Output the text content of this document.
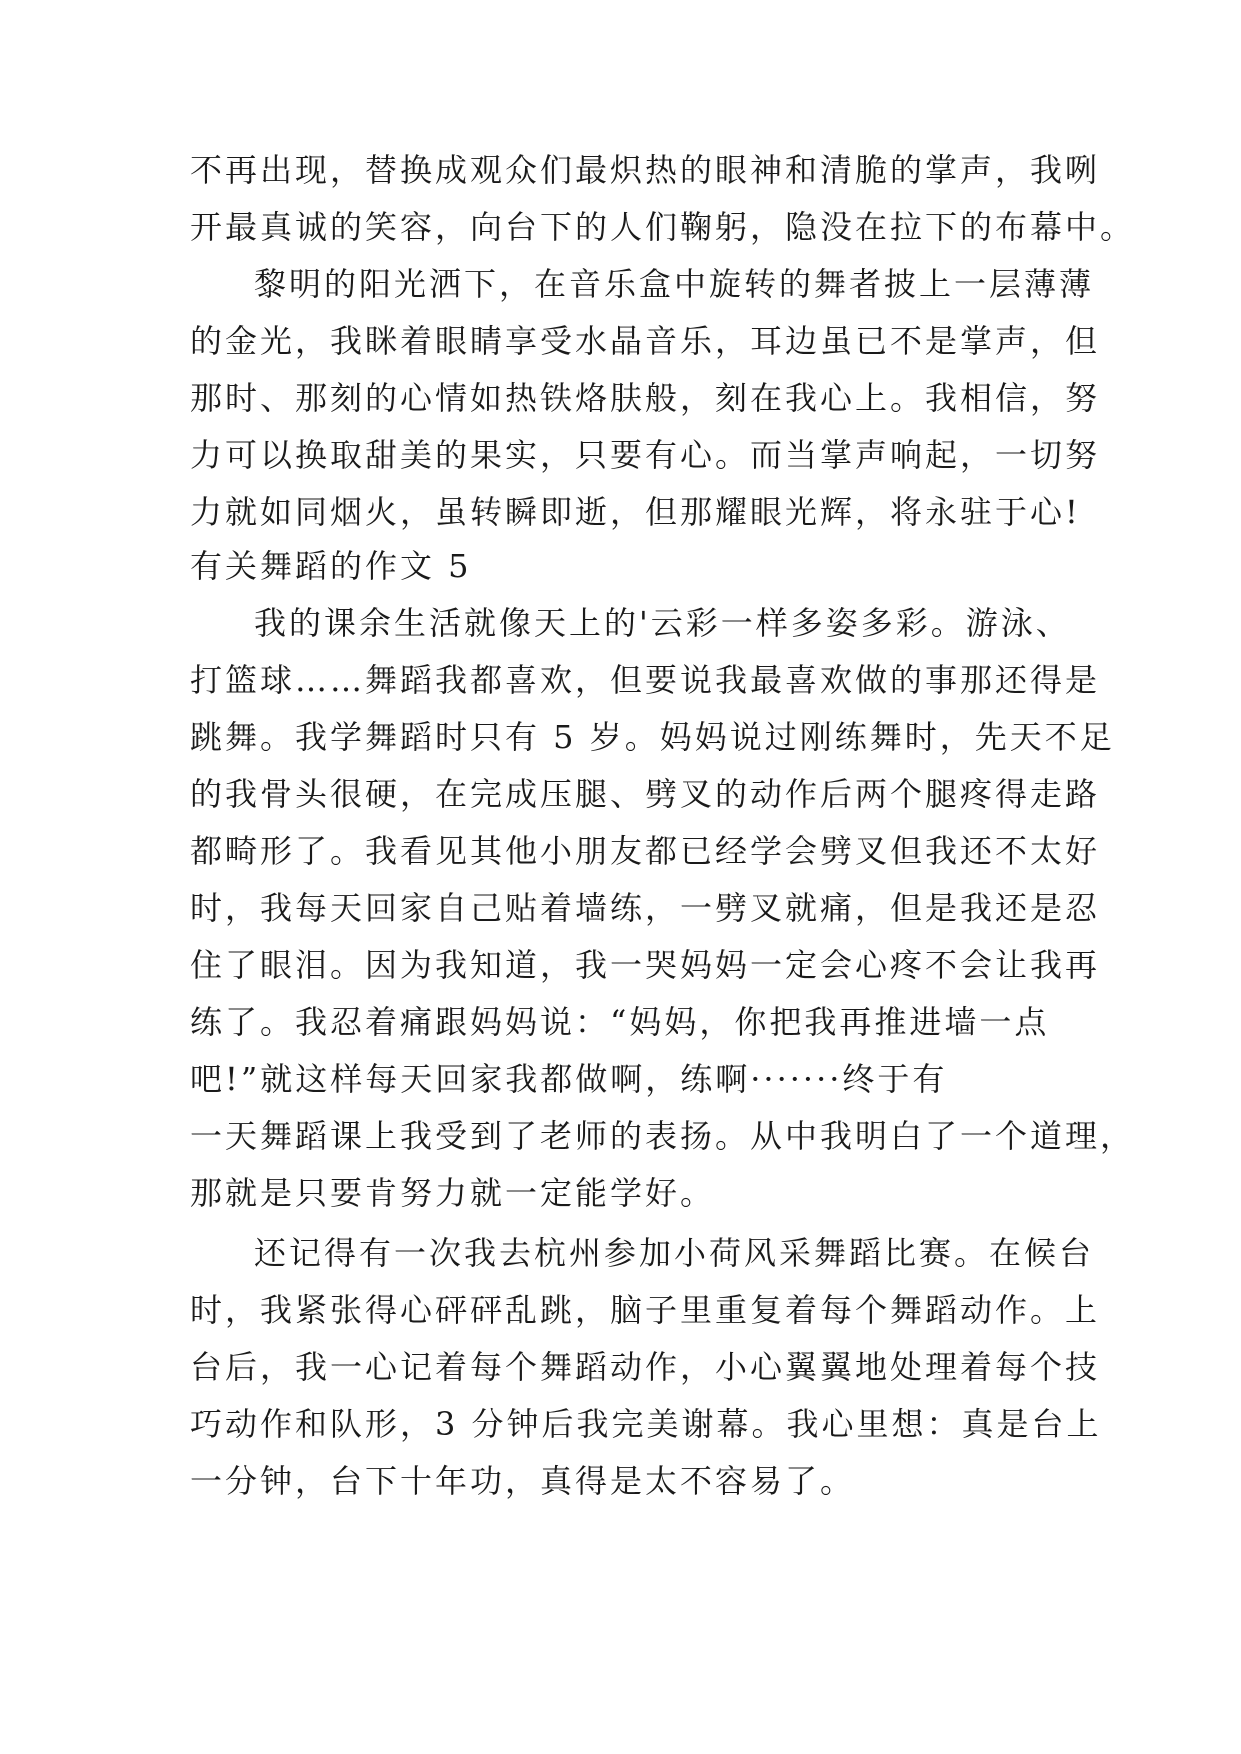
不再出现，替换成观众们最炽热的眼神和清脆的掌声，我咧
开最真诚的笑容，向台下的人们鞠躬，隐没在拉下的布幕中。
黎明的阳光洒下，在音乐盒中旋转的舞者披上一层薄薄
的金光，我眯着眼睛享受水晶音乐，耳边虽已不是掌声，但
那时、那刻的心情如热铁烙肤般，刻在我心上。我相信，努
力可以换取甜美的果实，只要有心。而当掌声响起，一切努
力就如同烟火，虽转瞬即逝，但那耀眼光辉，将永驻于心!
有关舞蹈的作文 5
我的课余生活就像天上的'云彩一样多姿多彩。游泳、
打篮球……舞蹈我都喜欢，但要说我最喜欢做的事那还得是
跳舞。我学舞蹈时只有 5 岁。妈妈说过刚练舞时，先天不足
的我骨头很硬，在完成压腿、劈叉的动作后两个腿疼得走路
都畸形了。我看见其他小朋友都已经学会劈叉但我还不太好
时，我每天回家自己贴着墙练，一劈叉就痛，但是我还是忍
住了眼泪。因为我知道，我一哭妈妈一定会心疼不会让我再
练了。我忍着痛跟妈妈说：“妈妈，你把我再推进墙一点
吧!”就这样每天回家我都做啊，练啊·······终于有
一天舞蹈课上我受到了老师的表扬。从中我明白了一个道理，
那就是只要肯努力就一定能学好。
还记得有一次我去杭州参加小荷风采舞蹈比赛。在候台
时，我紧张得心砰砰乱跳，脑子里重复着每个舞蹈动作。上
台后，我一心记着每个舞蹈动作，小心翼翼地处理着每个技
巧动作和队形，3 分钟后我完美谢幕。我心里想：真是台上
一分钟，台下十年功，真得是太不容易了。
